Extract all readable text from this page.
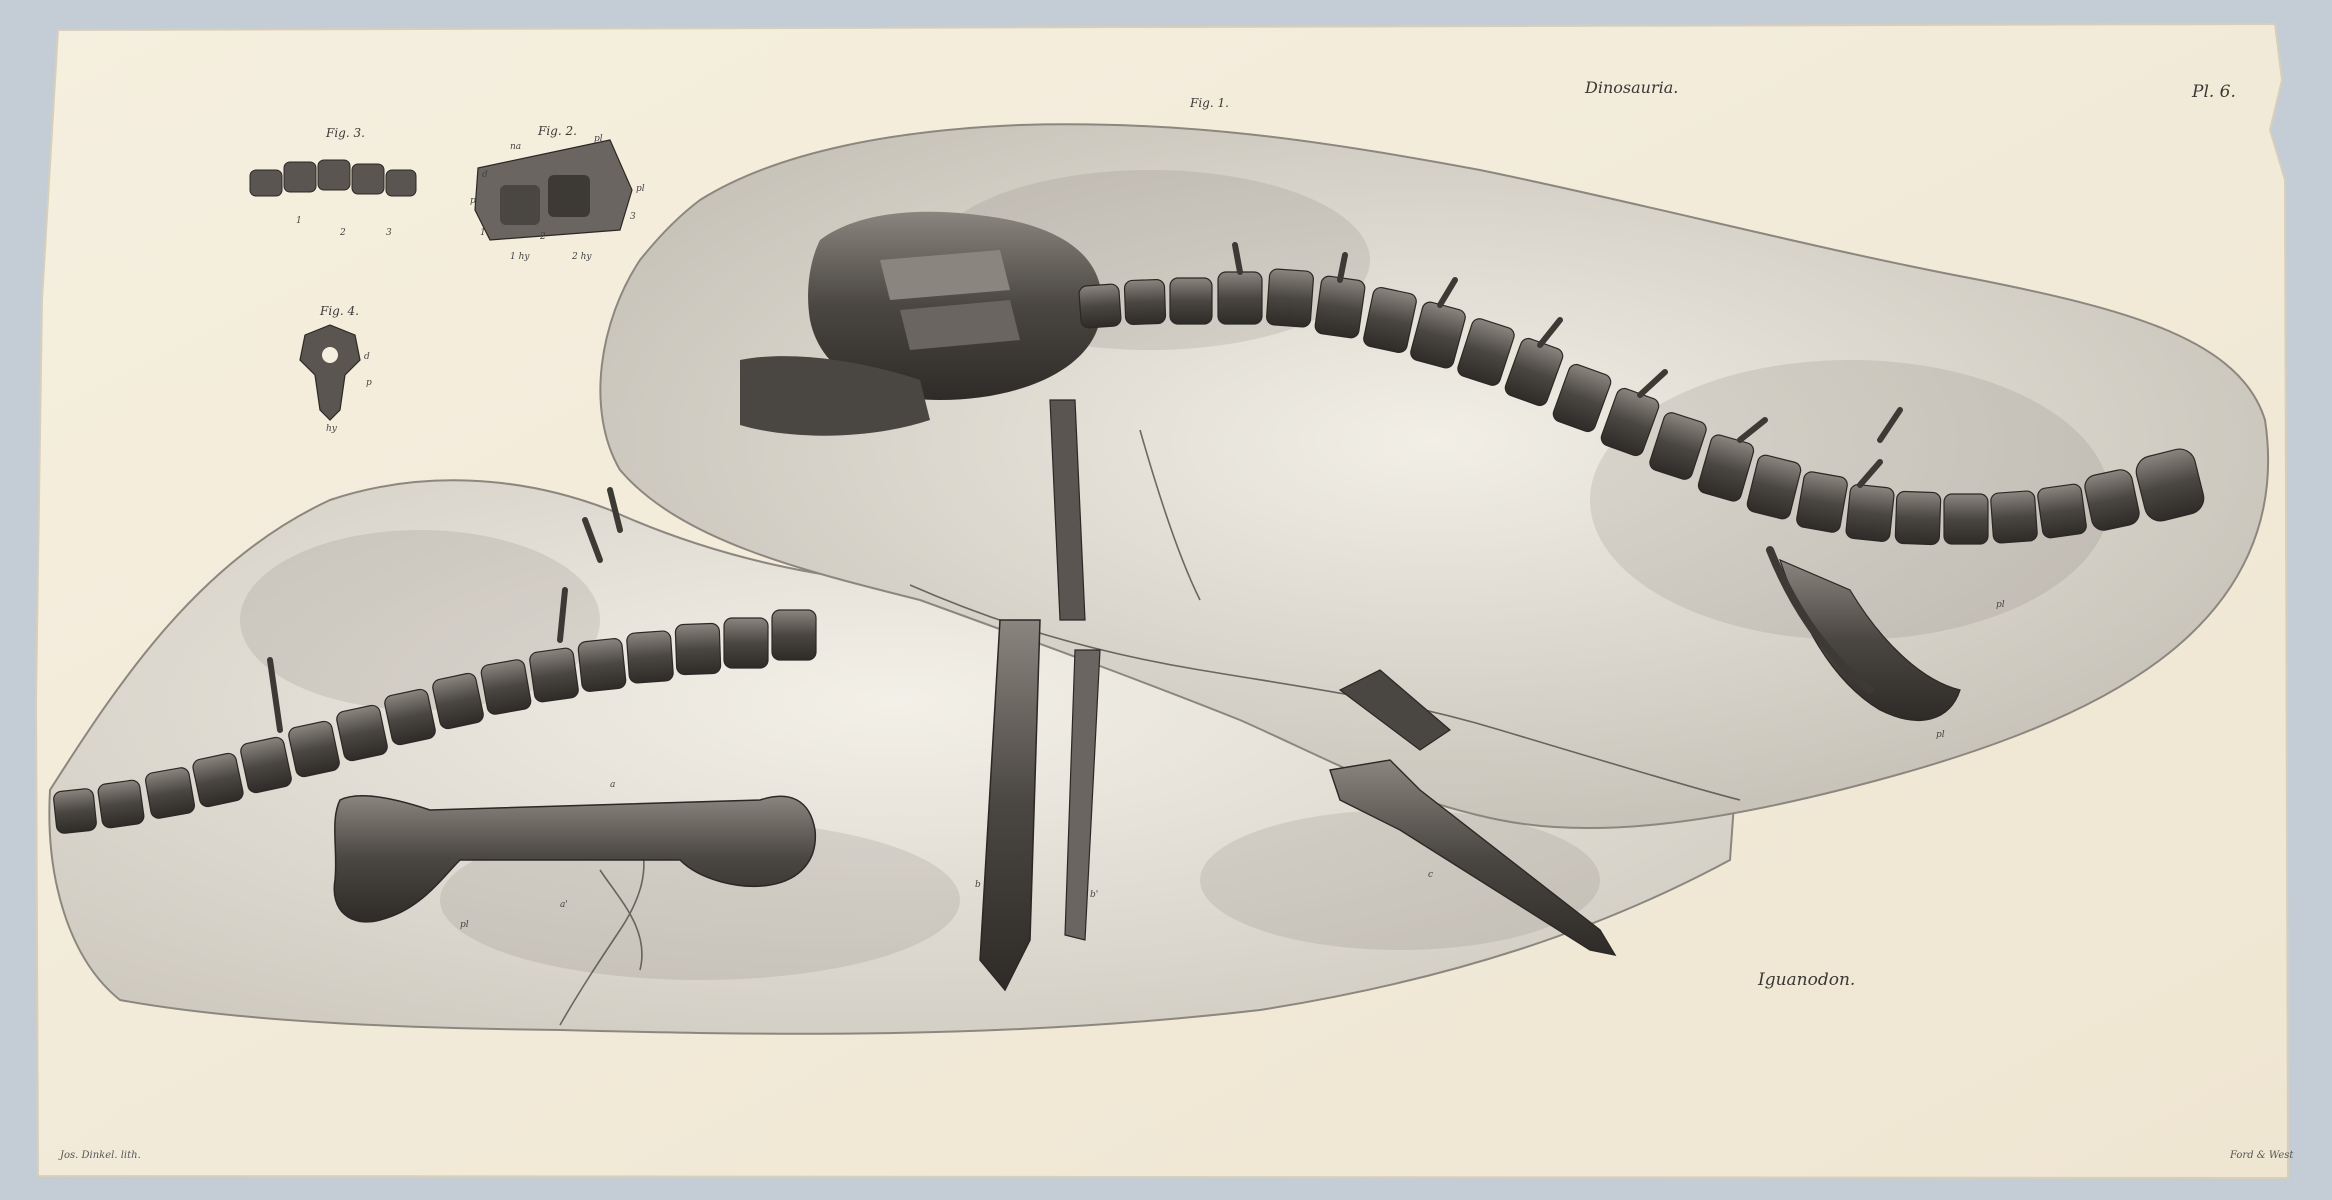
Dinosauria.	Pl. 6.
Iguanodon.
Jos. Dinkel. lith.	Ford & West
Fig. 1.
Fig. 2.
Fig. 3.
Fig. 4.
a
a'
b
b'
c
pl
pl
pl
na
pl
d
p
pl
1	2
3
1 hy	2 hy
1
2	3
d
p
hy
